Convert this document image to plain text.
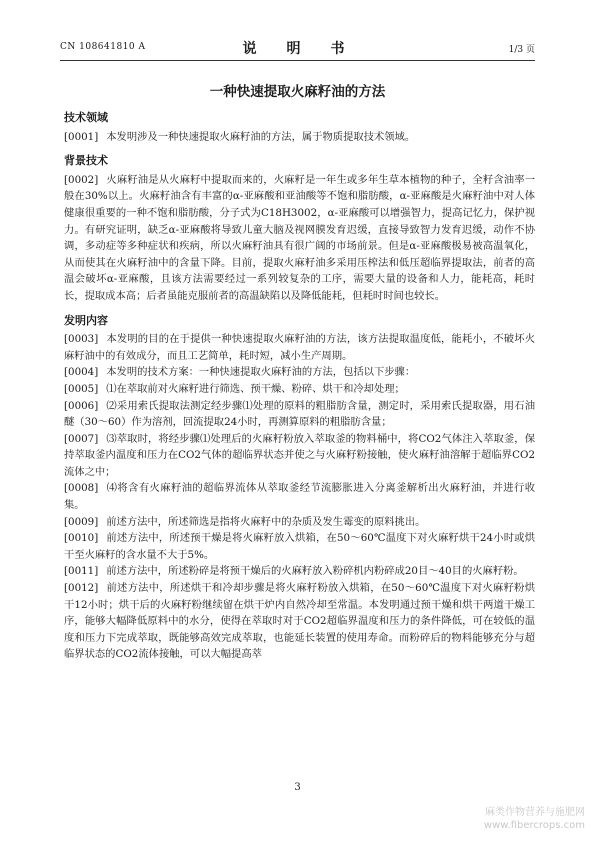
CN 108641810 A	说　明　书	1/3 页
一种快速提取火麻籽油的方法
技术领域

[0001] 本发明涉及一种快速提取火麻籽油的方法，属于物质提取技术领域。

背景技术

[0002] 火麻籽油是从火麻籽中提取而来的，火麻籽是一年生或多年生草本植物的种子，全籽含油率一般在30%以上。火麻籽油含有丰富的α-亚麻酸和亚油酸等不饱和脂肪酸，α-亚麻酸是火麻籽油中对人体健康很重要的一种不饱和脂肪酸，分子式为C18H3002，α-亚麻酸可以增强智力，提高记忆力，保护视力。有研究证明，缺乏α-亚麻酸将导致儿童大脑及视网膜发育迟缓，直接导致智力发育迟缓，动作不协调，多动症等多种症状和疾病，所以火麻籽油具有很广阔的市场前景。但是α-亚麻酸极易被高温氧化，从而使其在火麻籽油中的含量下降。目前，提取火麻籽油多采用压榨法和低压超临界提取法，前者的高温会破坏α-亚麻酸，且该方法需要经过一系列较复杂的工序，需要大量的设备和人力，能耗高，耗时长，提取成本高；后者虽能克服前者的高温缺陷以及降低能耗，但耗时时间也较长。

发明内容

[0003] 本发明的目的在于提供一种快速提取火麻籽油的方法，该方法提取温度低，能耗小，不破坏火麻籽油中的有效成分，而且工艺简单，耗时短，减小生产周期。

[0004] 本发明的技术方案：一种快速提取火麻籽油的方法，包括以下步骤：

[0005] ⑴在萃取前对火麻籽进行筛选、预干燥、粉碎、烘干和冷却处理；

[0006] ⑵采用索氏提取法测定经步骤⑴处理的原料的粗脂肪含量，测定时，采用索氏提取器，用石油醚（30～60）作为溶剂，回流提取24小时，再测算原料的粗脂肪含量；

[0007] ⑶萃取时，将经步骤⑴处理后的火麻籽粉放入萃取釜的物料桶中，将CO2气体注入萃取釜，保持萃取釜内温度和压力在CO2气体的超临界状态并使之与火麻籽粉接触，使火麻籽油溶解于超临界CO2流体之中；

[0008] ⑷将含有火麻籽油的超临界流体从萃取釜经节流膨胀进入分离釜解析出火麻籽油，并进行收集。

[0009] 前述方法中，所述筛选是指将火麻籽中的杂质及发生霉变的原料挑出。

[0010] 前述方法中，所述预干燥是将火麻籽放入烘箱，在50～60℃温度下对火麻籽烘干24小时或烘干至火麻籽的含水量不大于5%。

[0011] 前述方法中，所述粉碎是将预干燥后的火麻籽放入粉碎机内粉碎成20目～40目的火麻籽粉。

[0012] 前述方法中，所述烘干和冷却步骤是将火麻籽粉放入烘箱，在50～60℃温度下对火麻籽粉烘干12小时；烘干后的火麻籽粉继续留在烘干炉内自然冷却至常温。本发明通过预干燥和烘干两道干燥工序，能够大幅降低原料中的水分，使得在萃取时对于CO2超临界温度和压力的条件降低，可在较低的温度和压力下完成萃取，既能够高效完成萃取，也能延长装置的使用寿命。而粉碎后的物料能够充分与超临界状态的CO2流体接触，可以大幅提高萃

3
麻类作物营养与施肥网
www.fibercrops.com
